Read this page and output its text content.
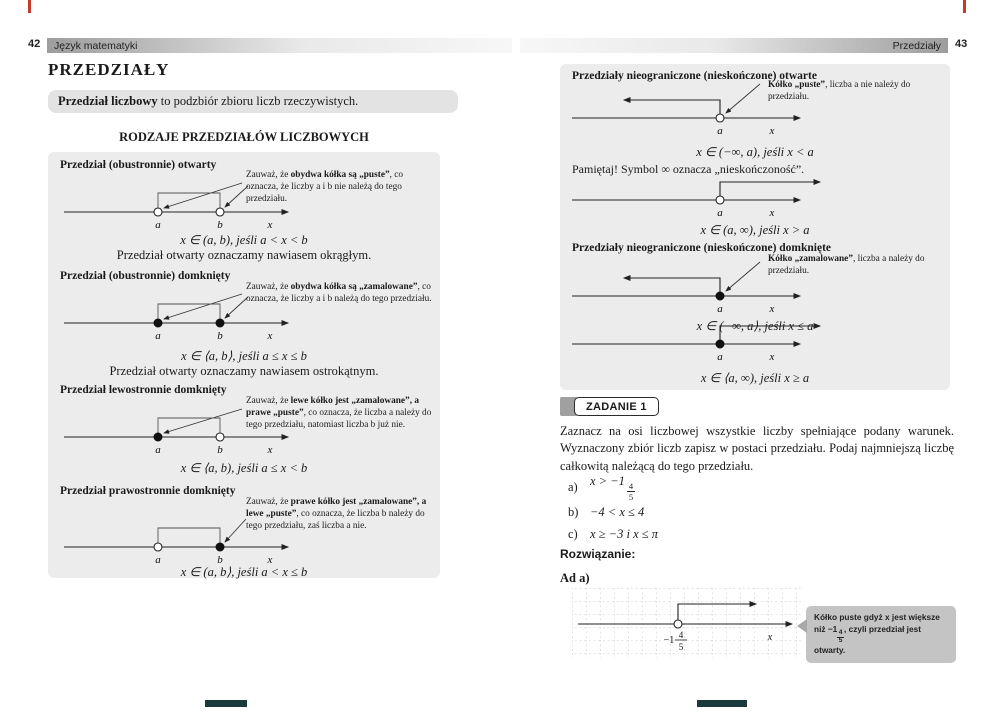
42 Język matematyki
PRZEDZIAŁY
Przedział liczbowy to podzbiór zbioru liczb rzeczywistych.
RODZAJE PRZEDZIAŁÓW LICZBOWYCH
Przedział (obustronnie) otwarty
Zauważ, że obydwa kółka są „puste”, co oznacza, że liczby a i b nie należą do tego przedziału.
a	b	x
x ∈ (a, b), jeśli a < x < b
Przedział otwarty oznaczamy nawiasem okrągłym.
Przedział (obustronnie) domknięty
Zauważ, że obydwa kółka są „zamalowane”, co oznacza, że liczby a i b należą do tego przedziału.
a	b	x
x ∈ ⟨a, b⟩, jeśli a ≤ x ≤ b
Przedział otwarty oznaczamy nawiasem ostrokątnym.
Przedział lewostronnie domknięty
Zauważ, że lewe kółko jest „zamalowane”, a prawe „puste”, co oznacza, że liczba a należy do tego przedziału, natomiast liczba b już nie.
a	b	x
x ∈ ⟨a, b), jeśli a ≤ x < b
Przedział prawostronnie domknięty
Zauważ, że prawe kółko jest „zamalowane”, a lewe „puste”, co oznacza, że liczba b należy do tego przedziału, zaś liczba a nie.
a	b	x
x ∈ (a, b⟩, jeśli a < x ≤ b
Przedziały 43
Przedziały nieograniczone (nieskończone) otwarte
Kółko „puste”, liczba a nie należy do przedziału.
a	x
x ∈ (−∞, a), jeśli x < a
Pamiętaj! Symbol ∞ oznacza „nieskończoność”.
a	x
x ∈ (a, ∞), jeśli x > a
Przedziały nieograniczone (nieskończone) domknięte
Kółko „zamalowane”, liczba a należy do przedziału.
a	x
x ∈ (−∞, a⟩, jeśli x ≤ a
a	x
x ∈ ⟨a, ∞), jeśli x ≥ a
ZADANIE 1
Zaznacz na osi liczbowej wszystkie liczby spełniające podany warunek. Wyznaczony zbiór liczb zapisz w postaci przedziału. Podaj najmniejszą liczbę całkowitą należącą do tego przedziału.
a) x > −1
$\frac{4}{5}$
b) −4 < x ≤ 4
c) x ≥ −3 i x ≤ π
Rozwiązanie:
Ad a)
−1 4
5
x
Kółko puste gdyż x jest większe niż −1
$\frac{4}{5}$
, czyli przedział jest otwarty.
